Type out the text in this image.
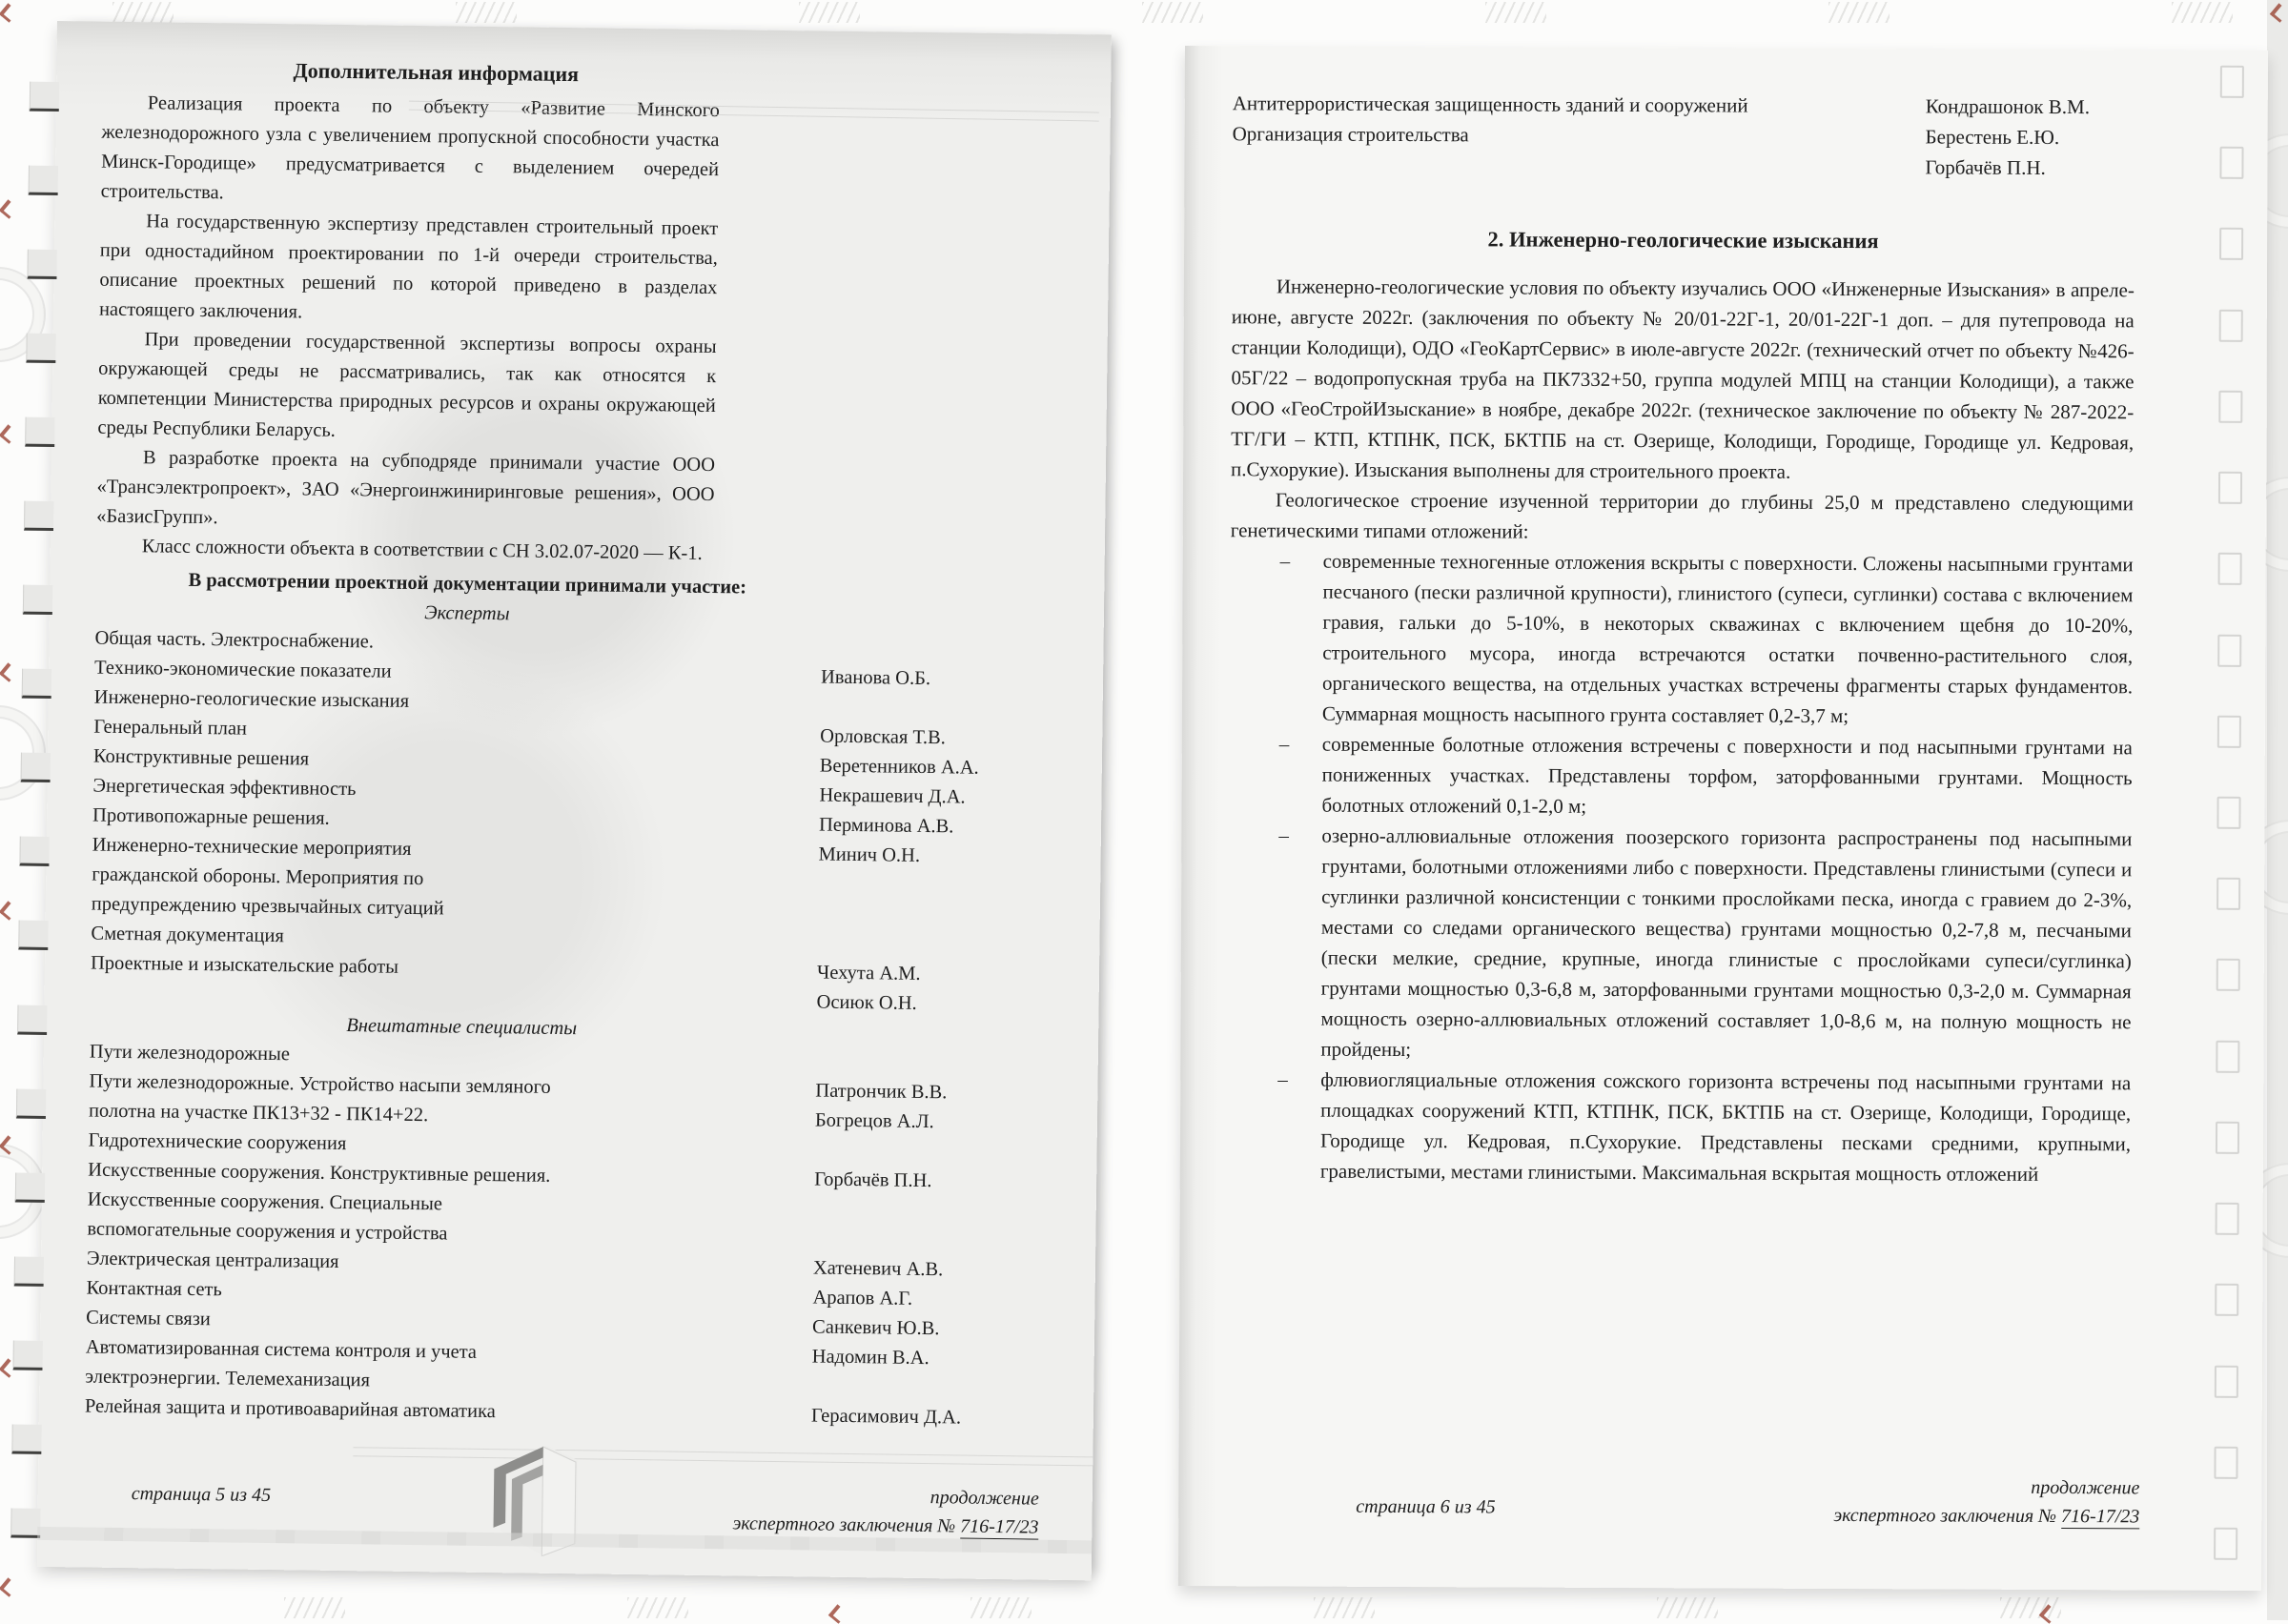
Дополнительная информация

Реализация проекта по объекту «Развитие Минского железнодорожного узла с увеличением пропускной способности участка Минск-Городище» предусматривается с выделением очередей строительства.

На государственную экспертизу представлен строительный проект при одностадийном проектировании по 1-й очереди строительства, описание проектных решений по которой приведено в разделах настоящего заключения.

При проведении государственной экспертизы вопросы охраны окружающей среды не рассматривались, так как относятся к компетенции Министерства природных ресурсов и охраны окружающей среды Республики Беларусь.

В разработке проекта на субподряде принимали участие ООО «Трансэлектропроект», ЗАО «Энергоинжиниринговые решения», ООО «БазисГрупп».

Класс сложности объекта в соответствии с СН 3.02.07-2020 — К-1.

В рассмотрении проектной документации принимали участие:
Эксперты
Общая часть. Электроснабжение.
Технико-экономические показатели	Иванова О.Б.
Инженерно-геологические изыскания
Генеральный план	Орловская Т.В.
Конструктивные решения	Веретенников А.А.
Энергетическая эффективность	Некрашевич Д.А.
Противопожарные решения.	Перминова А.В.
Инженерно-технические мероприятия	Минич О.Н.
гражданской обороны. Мероприятия по
предупреждению чрезвычайных ситуаций
Сметная документация
Проектные и изыскательские работы	Чехута А.М.
Осиюк О.Н.
Внештатные специалисты
Пути железнодорожные
Пути железнодорожные. Устройство насыпи земляного	Патрончик В.В.
полотна на участке ПК13+32 - ПК14+22.	Богрецов А.Л.
Гидротехнические сооружения
Искусственные сооружения. Конструктивные решения.	Горбачёв П.Н.
Искусственные сооружения. Специальные
вспомогательные сооружения и устройства
Электрическая централизация	Хатеневич А.В.
Контактная сеть	Арапов А.Г.
Системы связи	Санкевич Ю.В.
Автоматизированная система контроля и учета	Надомин В.А.
электроэнергии. Телемеханизация
Релейная защита и противоаварийная автоматика	Герасимович Д.А.
страница 5 из 45	продолжение
экспертного заключения № 716-17/23
Антитеррористическая защищенность зданий и сооружений	Кондрашонок В.М.
Организация строительства	Берестень Е.Ю.
Горбачёв П.Н.
2. Инженерно-геологические изыскания

Инженерно-геологические условия по объекту изучались ООО «Инженерные Изыскания» в апреле-июне, августе 2022г. (заключения по объекту № 20/01-22Г-1, 20/01-22Г-1 доп. – для путепровода на станции Колодищи), ОДО «ГеоКартСервис» в июле-августе 2022г. (технический отчет по объекту №426-05Г/22 – водопропускная труба на ПК7332+50, группа модулей МПЦ на станции Колодищи), а также ООО «ГеоСтройИзыскание» в ноябре, декабре 2022г. (техническое заключение по объекту № 287-2022-ТГ/ГИ – КТП, КТПНК, ПСК, БКТПБ на ст. Озерище, Колодищи, Городище, Городище ул. Кедровая, п.Сухорукие). Изыскания выполнены для строительного проекта.

Геологическое строение изученной территории до глубины 25,0 м представлено следующими генетическими типами отложений:

– современные техногенные отложения вскрыты с поверхности. Сложены насыпными грунтами песчаного (пески различной крупности), глинистого (супеси, суглинки) состава с включением гравия, гальки до 5-10%, в некоторых скважинах с включением щебня до 10-20%, строительного мусора, иногда встречаются остатки почвенно-растительного слоя, органического вещества, на отдельных участках встречены фрагменты старых фундаментов. Суммарная мощность насыпного грунта составляет 0,2-3,7 м;
– современные болотные отложения встречены с поверхности и под насыпными грунтами на пониженных участках. Представлены торфом, заторфованными грунтами. Мощность болотных отложений 0,1-2,0 м;
– озерно-аллювиальные отложения поозерского горизонта распространены под насыпными грунтами, болотными отложениями либо с поверхности. Представлены глинистыми (супеси и суглинки различной консистенции с тонкими прослойками песка, иногда с гравием до 2-3%, местами со следами органического вещества) грунтами мощностью 0,2-7,8 м, песчаными (пески мелкие, средние, крупные, иногда глинистые с прослойками супеси/суглинка) грунтами мощностью 0,3-6,8 м, заторфованными грунтами мощностью 0,3-2,0 м. Суммарная мощность озерно-аллювиальных отложений составляет 1,0-8,6 м, на полную мощность не пройдены;
– флювиогляциальные отложения сожского горизонта встречены под насыпными грунтами на площадках сооружений КТП, КТПНК, ПСК, БКТПБ на ст. Озерище, Колодищи, Городище, Городище ул. Кедровая, п.Сухорукие. Представлены песками средними, крупными, гравелистыми, местами глинистыми. Максимальная вскрытая мощность отложений
страница 6 из 45
продолжение
экспертного заключения № 716-17/23
